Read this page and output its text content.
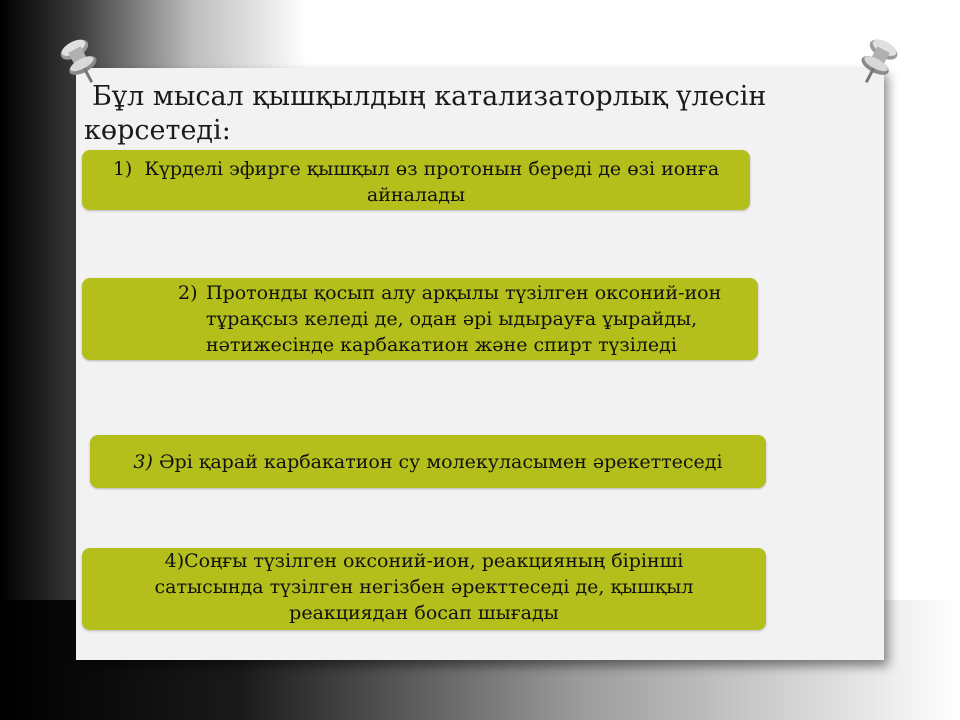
Бұл мысал қышқылдың катализаторлық үлесін көрсетеді:
1) Күрделі эфирге қышқыл өз протонын береді де өзі ионға айналады
2) Протонды қосып алу арқылы түзілген оксоний-ион тұрақсыз келеді де, одан әрі ыдырауға ұырайды, нәтижесінде карбакатион және спирт түзіледі
3) Әрі қарай карбакатион су молекуласымен әрекеттеседі
4)Соңғы түзілген оксоний-ион, реакцияның бірінші сатысында түзілген негізбен әректтеседі де, қышқыл реакциядан босап шығады
